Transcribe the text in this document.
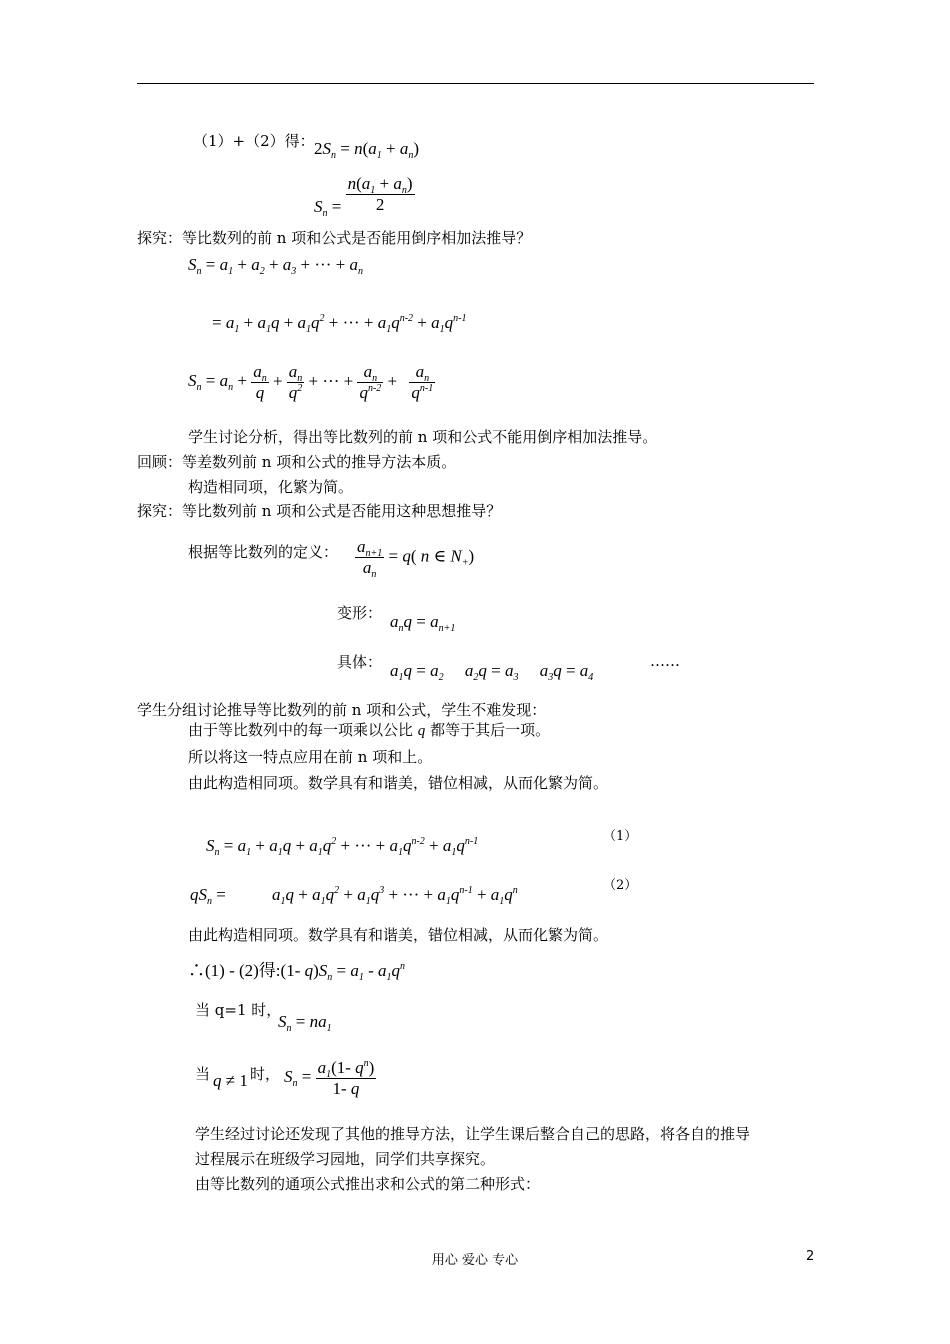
（1）+（2）得： $2S_n = n(a_1 + a_n)$
$S_n = \frac{n(a_1 + a_n)}{2}$
探究：等比数列的前 n 项和公式是否能用倒序相加法推导？
$S_n = a_1 + a_2 + a_3$ + ··· + $a_n$
= $a_1 + a_1q + a_1q^2$ + ··· + $a_1q^{n-2} + a_1q^{n-1}$
$S_n = a_n + \frac{a_n}{q} + \frac{a_n}{q^2}$ + ··· + $\frac{a_n}{q^{n-2}} + \frac{a_n}{q^{n-1}}$
学生讨论分析，得出等比数列的前 n 项和公式不能用倒序相加法推导。
回顾：等差数列前 n 项和公式的推导方法本质。
构造相同项，化繁为简。
探究：等比数列前 n 项和公式是否能用这种思想推导？
根据等比数列的定义： $\frac{a_{n+1}}{a_n} = q$( n ∈ $N_+$)
变形： $a_nq = a_{n+1}$
具体： $a_1q = a_2$ $a_2q = a_3$ $a_3q = a_4$
……
学生分组讨论推导等比数列的前 n 项和公式，学生不难发现：
由于等比数列中的每一项乘以公比 q 都等于其后一项。
所以将这一特点应用在前 n 项和上。
由此构造相同项。数学具有和谐美，错位相减，从而化繁为简。
$S_n = a_1 + a_1q + a_1q^2$ + ··· + $a_1q^{n-2} + a_1q^{n-1}$	（1）
$qS_n$ =	$a_1q + a_1q^2 + a_1q^3$ + ··· + $a_1q^{n-1} + a_1q^n$	（2）
由此构造相同项。数学具有和谐美，错位相减，从而化繁为简。
∴(1) - (2)得:(1- $q)S_n = a_1 - a_1q^n$
当 q=1 时，
$S_n = na_1$
当 q ≠ 1 时， $S_n = \frac{a_1(1- q^n)}{1- q}$
学生经过讨论还发现了其他的推导方法，让学生课后整合自己的思路，将各自的推导
过程展示在班级学习园地，同学们共享探究。
由等比数列的通项公式推出求和公式的第二种形式：
用心 爱心 专心	2
